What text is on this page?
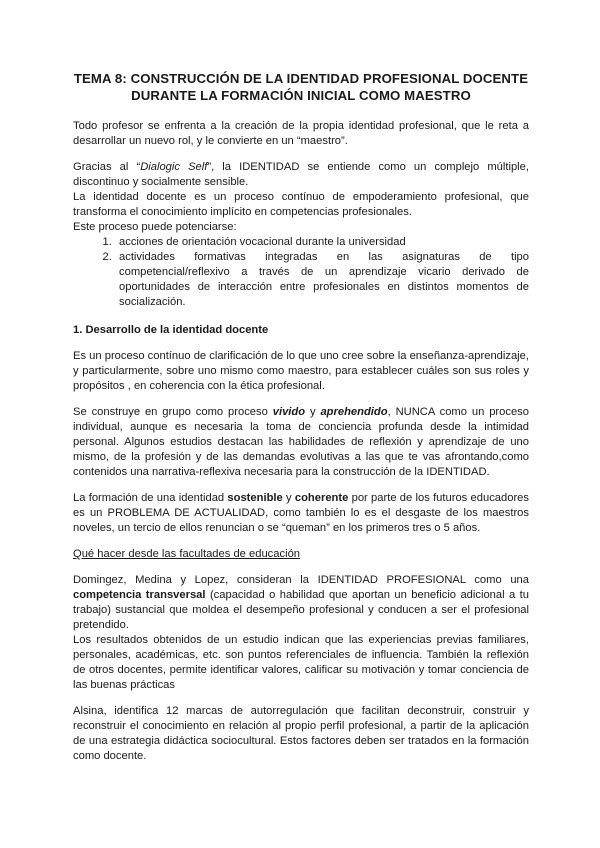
TEMA 8: CONSTRUCCIÓN DE LA IDENTIDAD PROFESIONAL DOCENTE
DURANTE LA FORMACIÓN INICIAL COMO MAESTRO

Todo profesor se enfrenta a la creación de la propia identidad profesional, que le reta a desarrollar un nuevo rol, y le convierte en un “maestro”.

Gracias al “Dialogic Self”, la IDENTIDAD se entiende como un complejo múltiple, discontinuo y socialmente sensible.

La identidad docente es un proceso contínuo de empoderamiento profesional, que transforma el conocimiento implícito en competencias profesionales.

Este proceso puede potenciarse:

1. acciones de orientación vocacional durante la universidad
2. actividades formativas integradas en las asignaturas de tipo competencial/reflexivo a través de un aprendizaje vicario derivado de oportunidades de interacción entre profesionales en distintos momentos de socialización.

1. Desarrollo de la identidad docente

Es un proceso contínuo de clarificación de lo que uno cree sobre la enseñanza-aprendizaje, y particularmente, sobre uno mismo como maestro, para establecer cuáles son sus roles y propósitos , en coherencia con la ética profesional.

Se construye en grupo como proceso vivido y aprehendido, NUNCA como un proceso individual, aunque es necesaria la toma de conciencia profunda desde la intimidad personal. Algunos estudios destacan las habilidades de reflexión y aprendizaje de uno mismo, de la profesión y de las demandas evolutivas a las que te vas afrontando,como contenidos una narrativa-reflexiva necesaria para la construcción de la IDENTIDAD.

La formación de una identidad sostenible y coherente por parte de los futuros educadores es un PROBLEMA DE ACTUALIDAD, como también lo es el desgaste de los maestros noveles, un tercio de ellos renuncian o se “queman” en los primeros tres o 5 años.

Qué hacer desde las facultades de educación

Domingez, Medina y Lopez, consideran la IDENTIDAD PROFESIONAL como una competencia transversal (capacidad o habilidad que aportan un beneficio adicional a tu trabajo) sustancial que moldea el desempeño profesional y conducen a ser el profesional pretendido.

Los resultados obtenidos de un estudio indican que las experiencias previas familiares, personales, académicas, etc. son puntos referenciales de influencia. También la reflexión de otros docentes, permite identificar valores, calificar su motivación y tomar conciencia de las buenas prácticas

Alsina, identifica 12 marcas de autorregulación que facilitan deconstruir, construir y reconstruir el conocimiento en relación al propio perfil profesional, a partir de la aplicación de una estrategia didáctica sociocultural. Estos factores deben ser tratados en la formación como docente.
